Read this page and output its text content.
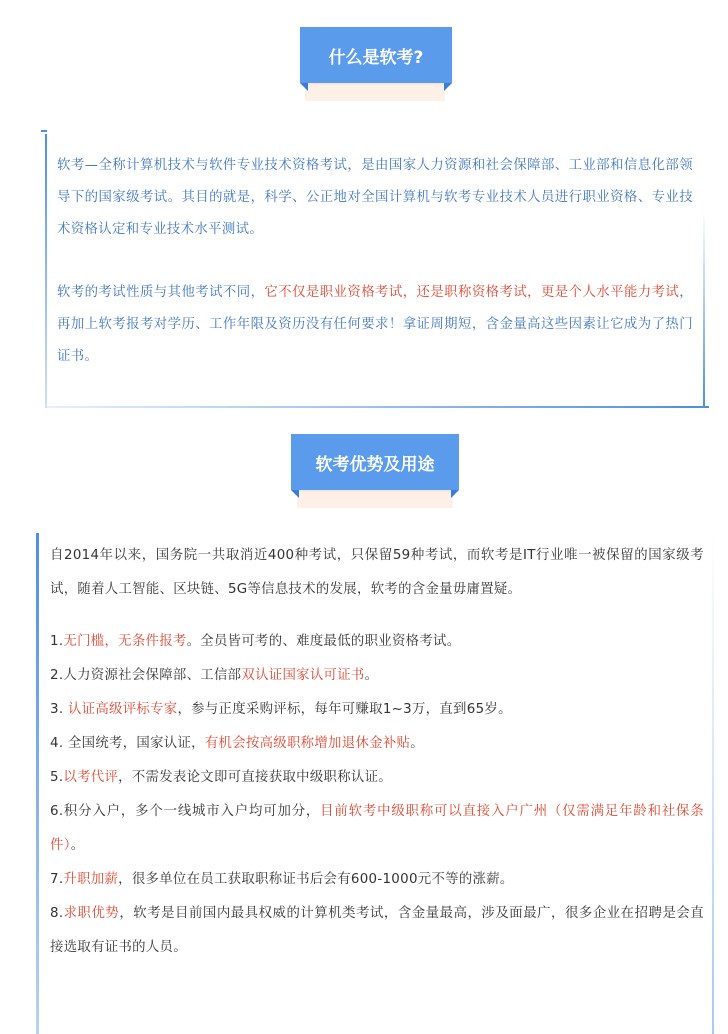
什么是软考?

软考—全称计算机技术与软件专业技术资格考试，是由国家人力资源和社会保障部、工业部和信息化部领导下的国家级考试。其目的就是，科学、公正地对全国计算机与软考专业技术人员进行职业资格、专业技术资格认定和专业技术水平测试。

软考的考试性质与其他考试不同，它不仅是职业资格考试，还是职称资格考试，更是个人水平能力考试，再加上软考报考对学历、工作年限及资历没有任何要求！拿证周期短，含金量高这些因素让它成为了热门证书。

软考优势及用途

自2014年以来，国务院一共取消近400种考试，只保留59种考试，而软考是IT行业唯一被保留的国家级考试，随着人工智能、区块链、5G等信息技术的发展，软考的含金量毋庸置疑。

1.无门槛，无条件报考。全员皆可考的、难度最低的职业资格考试。

2.人力资源社会保障部、工信部双认证国家认可证书。

3. 认证高级评标专家，参与正度采购评标，每年可赚取1~3万，直到65岁。

4. 全国统考，国家认证，有机会按高级职称增加退休金补贴。

5.以考代评，不需发表论文即可直接获取中级职称认证。

6.积分入户，多个一线城市入户均可加分，目前软考中级职称可以直接入户广州（仅需满足年龄和社保条件）。

7.升职加薪，很多单位在员工获取职称证书后会有600-1000元不等的涨薪。

8.求职优势，软考是目前国内最具权威的计算机类考试，含金量最高，涉及面最广，很多企业在招聘是会直接选取有证书的人员。
